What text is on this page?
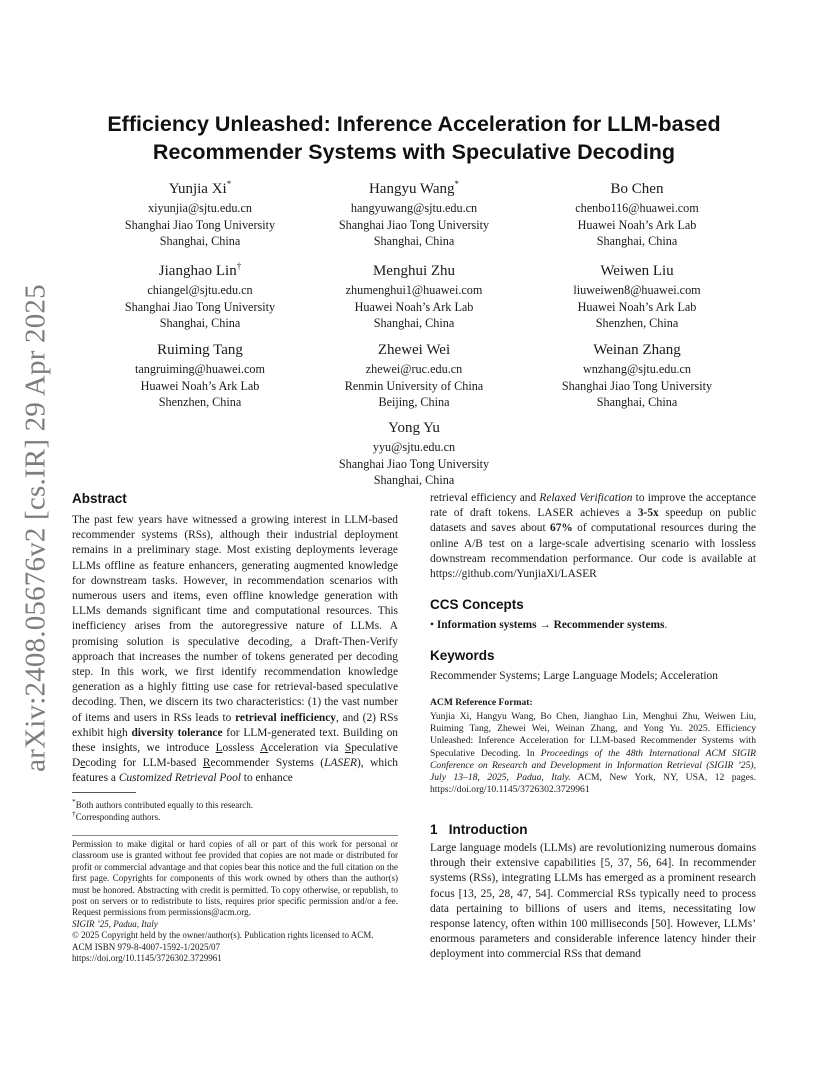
arXiv:2408.05676v2 [cs.IR] 29 Apr 2025
Efficiency Unleashed: Inference Acceleration for LLM-based
Recommender Systems with Speculative Decoding
Yunjia Xi*
xiyunjia@sjtu.edu.cn
Shanghai Jiao Tong University
Shanghai, China
Hangyu Wang*
hangyuwang@sjtu.edu.cn
Shanghai Jiao Tong University
Shanghai, China
Bo Chen
chenbo116@huawei.com
Huawei Noah’s Ark Lab
Shanghai, China
Jianghao Lin†
chiangel@sjtu.edu.cn
Shanghai Jiao Tong University
Shanghai, China
Menghui Zhu
zhumenghui1@huawei.com
Huawei Noah’s Ark Lab
Shanghai, China
Weiwen Liu
liuweiwen8@huawei.com
Huawei Noah’s Ark Lab
Shenzhen, China
Ruiming Tang
tangruiming@huawei.com
Huawei Noah’s Ark Lab
Shenzhen, China
Zhewei Wei
zhewei@ruc.edu.cn
Renmin University of China
Beijing, China
Weinan Zhang
wnzhang@sjtu.edu.cn
Shanghai Jiao Tong University
Shanghai, China
Yong Yu
yyu@sjtu.edu.cn
Shanghai Jiao Tong University
Shanghai, China
Abstract

The past few years have witnessed a growing interest in LLM-based recommender systems (RSs), although their industrial deployment remains in a preliminary stage. Most existing deployments leverage LLMs offline as feature enhancers, generating augmented knowledge for downstream tasks. However, in recommendation scenarios with numerous users and items, even offline knowledge generation with LLMs demands significant time and computational resources. This inefficiency arises from the autoregressive nature of LLMs. A promising solution is speculative decoding, a Draft-Then-Verify approach that increases the number of tokens generated per decoding step. In this work, we first identify recommendation knowledge generation as a highly fitting use case for retrieval-based speculative decoding. Then, we discern its two characteristics: (1) the vast number of items and users in RSs leads to retrieval inefficiency, and (2) RSs exhibit high diversity tolerance for LLM-generated text. Building on these insights, we introduce Lossless Acceleration via Speculative Decoding for LLM-based Recommender Systems (LASER), which features a Customized Retrieval Pool to enhance

*Both authors contributed equally to this research.
†Corresponding authors.
Permission to make digital or hard copies of all or part of this work for personal or classroom use is granted without fee provided that copies are not made or distributed for profit or commercial advantage and that copies bear this notice and the full citation on the first page. Copyrights for components of this work owned by others than the author(s) must be honored. Abstracting with credit is permitted. To copy otherwise, or republish, to post on servers or to redistribute to lists, requires prior specific permission and/or a fee. Request permissions from permissions@acm.org.
SIGIR ’25, Padua, Italy
© 2025 Copyright held by the owner/author(s). Publication rights licensed to ACM.
ACM ISBN 979-8-4007-1592-1/2025/07
https://doi.org/10.1145/3726302.3729961

retrieval efficiency and Relaxed Verification to improve the acceptance rate of draft tokens. LASER achieves a 3-5x speedup on public datasets and saves about 67% of computational resources during the online A/B test on a large-scale advertising scenario with lossless downstream recommendation performance. Our code is available at https://github.com/YunjiaXi/LASER

CCS Concepts
• Information systems → Recommender systems.
Keywords
Recommender Systems; Large Language Models; Acceleration
ACM Reference Format:
Yunjia Xi, Hangyu Wang, Bo Chen, Jianghao Lin, Menghui Zhu, Weiwen Liu, Ruiming Tang, Zhewei Wei, Weinan Zhang, and Yong Yu. 2025. Efficiency Unleashed: Inference Acceleration for LLM-based Recommender Systems with Speculative Decoding. In Proceedings of the 48th International ACM SIGIR Conference on Research and Development in Information Retrieval (SIGIR ’25), July 13–18, 2025, Padua, Italy. ACM, New York, NY, USA, 12 pages. https://doi.org/10.1145/3726302.3729961
1 Introduction

Large language models (LLMs) are revolutionizing numerous domains through their extensive capabilities [5, 37, 56, 64]. In recommender systems (RSs), integrating LLMs has emerged as a prominent research focus [13, 25, 28, 47, 54]. Commercial RSs typically need to process data pertaining to billions of users and items, necessitating low response latency, often within 100 milliseconds [50]. However, LLMs’ enormous parameters and considerable inference latency hinder their deployment into commercial RSs that demand
